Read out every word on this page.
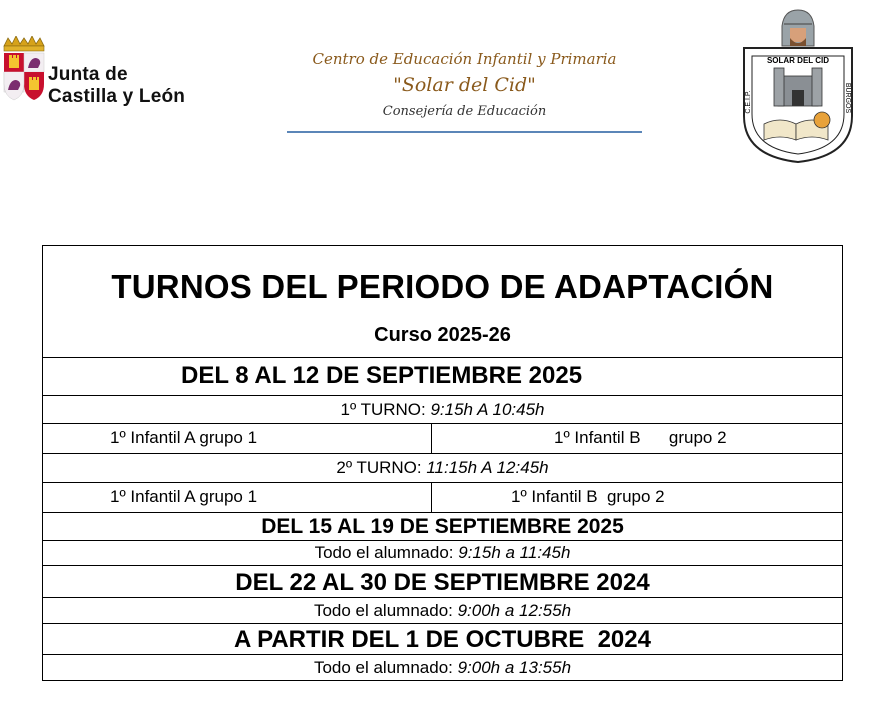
Junta de
Castilla y León
Centro de Educación Infantil y Primaria
"Solar del Cid"
Consejería de Educación
SOLAR DEL CID
C.E.I.P.	BURGOS
TURNOS DEL PERIODO DE ADAPTACIÓN
Curso 2025-26
DEL 8 AL 12 DE SEPTIEMBRE 2025
1º TURNO: 9:15h A 10:45h
1º Infantil A grupo 1	1º Infantil B      grupo 2
2º TURNO: 11:15h A 12:45h
1º Infantil A grupo 1	1º Infantil B  grupo 2
DEL 15 AL 19 DE SEPTIEMBRE 2025
Todo el alumnado: 9:15h a 11:45h
DEL 22 AL 30 DE SEPTIEMBRE 2024
Todo el alumnado: 9:00h a 12:55h
A PARTIR DEL 1 DE OCTUBRE  2024
Todo el alumnado: 9:00h a 13:55h
